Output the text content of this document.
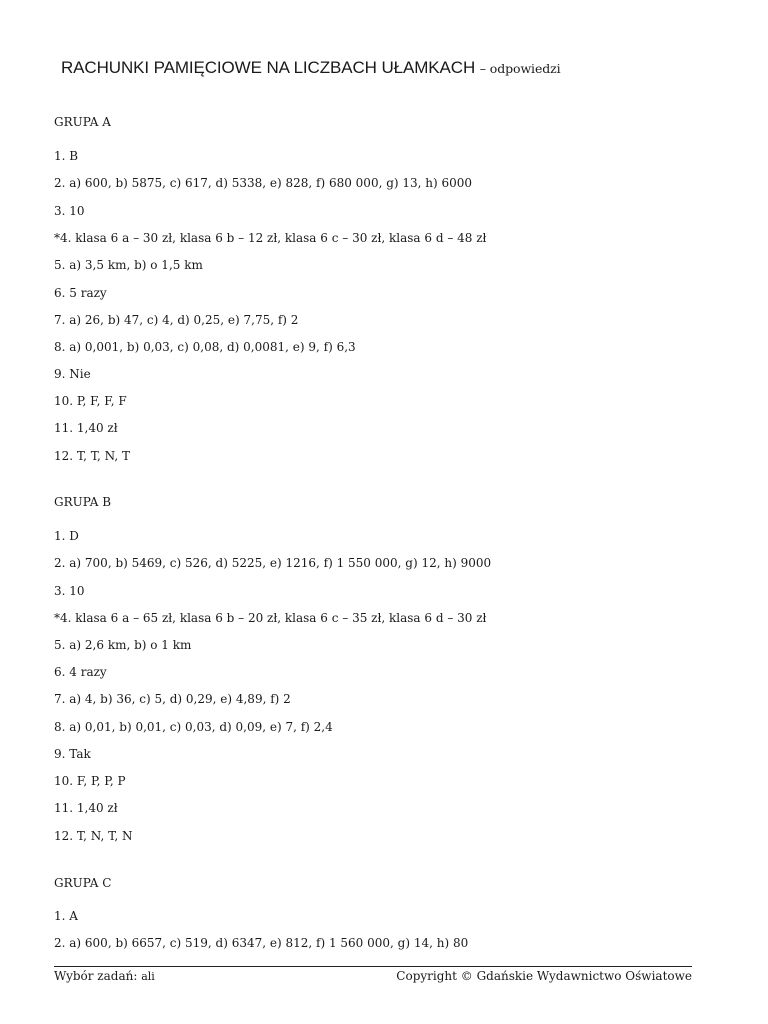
RACHUNKI PAMIĘCIOWE NA LICZBACH UŁAMKACH – odpowiedzi

GRUPA A

1. B

2. a) 600, b) 5875, c) 617, d) 5338, e) 828, f) 680 000, g) 13, h) 6000

3. 10

*4. klasa 6 a – 30 zł, klasa 6 b – 12 zł, klasa 6 c – 30 zł, klasa 6 d – 48 zł

5. a) 3,5 km, b) o 1,5 km

6. 5 razy

7. a) 26, b) 47, c) 4, d) 0,25, e) 7,75, f) 2

8. a) 0,001, b) 0,03, c) 0,08, d) 0,0081, e) 9, f) 6,3

9. Nie

10. P, F, F, F

11. 1,40 zł

12. T, T, N, T

GRUPA B

1. D

2. a) 700, b) 5469, c) 526, d) 5225, e) 1216, f) 1 550 000, g) 12, h) 9000

3. 10

*4. klasa 6 a – 65 zł, klasa 6 b – 20 zł, klasa 6 c – 35 zł, klasa 6 d – 30 zł

5. a) 2,6 km, b) o 1 km

6. 4 razy

7. a) 4, b) 36, c) 5, d) 0,29, e) 4,89, f) 2

8. a) 0,01, b) 0,01, c) 0,03, d) 0,09, e) 7, f) 2,4

9. Tak

10. F, P, P, P

11. 1,40 zł

12. T, N, T, N

GRUPA C

1. A

2. a) 600, b) 6657, c) 519, d) 6347, e) 812, f) 1 560 000, g) 14, h) 80

Wybór zadań: ali	Copyright © Gdańskie Wydawnictwo Oświatowe
